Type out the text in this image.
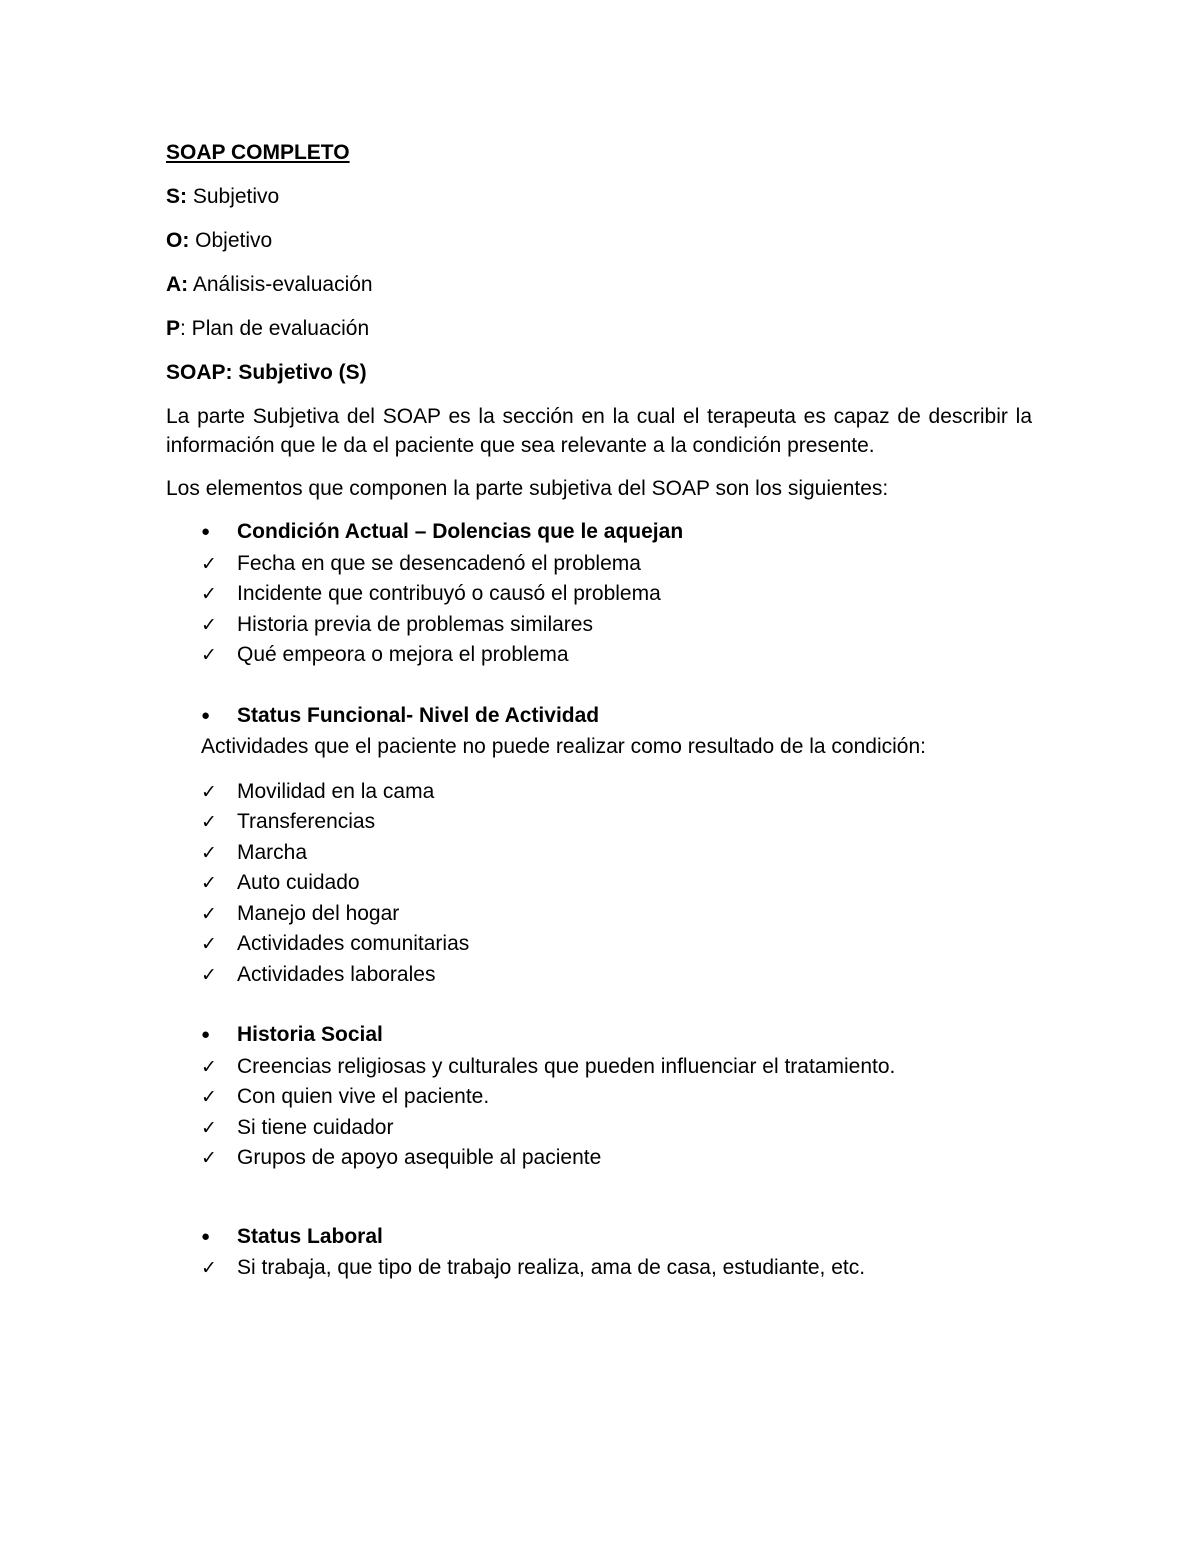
SOAP COMPLETO
S: Subjetivo
O: Objetivo
A: Análisis-evaluación
P: Plan de evaluación
SOAP: Subjetivo (S)
La parte Subjetiva del SOAP es la sección en la cual el terapeuta es capaz de describir la información que le da el paciente que sea relevante a la condición presente.
Los elementos que componen la parte subjetiva del SOAP son los siguientes:
●	Condición Actual – Dolencias que le aquejan
✓ Fecha en que se desencadenó el problema
✓ Incidente que contribuyó o causó el problema
✓ Historia previa de problemas similares
✓ Qué empeora o mejora el problema
●	Status Funcional- Nivel de Actividad
Actividades que el paciente no puede realizar como resultado de la condición:
✓ Movilidad en la cama
✓ Transferencias
✓ Marcha
✓ Auto cuidado
✓ Manejo del hogar
✓ Actividades comunitarias
✓ Actividades laborales
●	Historia Social
✓ Creencias religiosas y culturales que pueden influenciar el tratamiento.
✓ Con quien vive el paciente.
✓ Si tiene cuidador
✓ Grupos de apoyo asequible al paciente
●	Status Laboral
✓ Si trabaja, que tipo de trabajo realiza, ama de casa, estudiante, etc.
